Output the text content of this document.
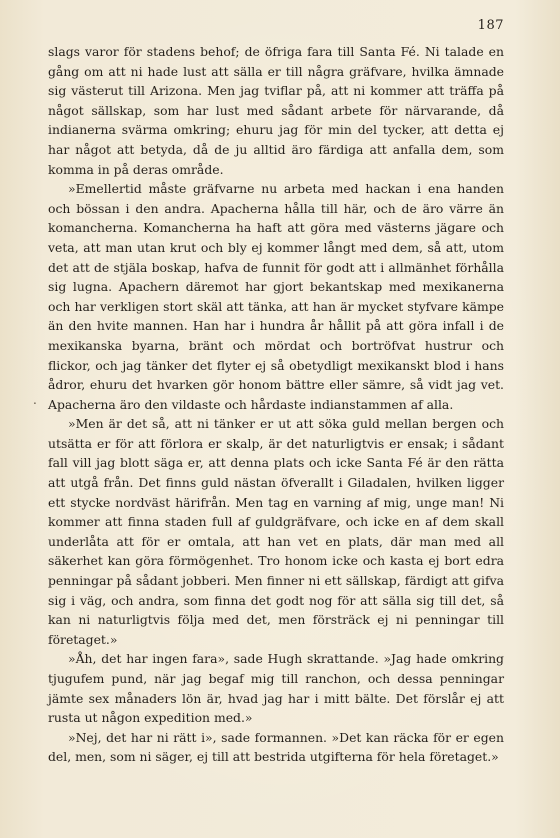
187
.

slags varor för stadens behof; de öfriga fara till Santa Fé. Ni talade en gång om att ni hade lust att sälla er till några gräfvare, hvilka ämnade sig västerut till Arizona. Men jag tviflar på, att ni kommer att träffa på något sällskap, som har lust med sådant arbete för närvarande, då indianerna svärma omkring; ehuru jag för min del tycker, att detta ej har något att betyda, då de ju alltid äro färdiga att anfalla dem, som komma in på deras område.

»Emellertid måste gräfvarne nu arbeta med hackan i ena handen och bössan i den andra. Apacherna hålla till här, och de äro värre än komancherna. Komancherna ha haft att göra med västerns jägare och veta, att man utan krut och bly ej kommer långt med dem, så att, utom det att de stjäla boskap, hafva de funnit för godt att i allmänhet förhålla sig lugna. Apachern däremot har gjort bekantskap med mexikanerna och har verkligen stort skäl att tänka, att han är mycket styfvare kämpe än den hvite mannen. Han har i hundra år hållit på att göra infall i de mexikanska byarna, bränt och mördat och bortröfvat hustrur och flickor, och jag tänker det flyter ej så obetydligt mexikanskt blod i hans ådror, ehuru det hvarken gör honom bättre eller sämre, så vidt jag vet. Apacherna äro den vildaste och hårdaste indianstammen af alla.

»Men är det så, att ni tänker er ut att söka guld mellan bergen och utsätta er för att förlora er skalp, är det naturligtvis er ensak; i sådant fall vill jag blott säga er, att denna plats och icke Santa Fé är den rätta att utgå från. Det finns guld nästan öfverallt i Giladalen, hvilken ligger ett stycke nordväst härifrån. Men tag en varning af mig, unge man! Ni kommer att finna staden full af guldgräfvare, och icke en af dem skall underlåta att för er omtala, att han vet en plats, där man med all säkerhet kan göra förmögenhet. Tro honom icke och kasta ej bort edra penningar på sådant jobberi. Men finner ni ett sällskap, färdigt att gifva sig i väg, och andra, som finna det godt nog för att sälla sig till det, så kan ni naturligtvis följa med det, men försträck ej ni penningar till företaget.»

»Åh, det har ingen fara», sade Hugh skrattande. »Jag hade omkring tjugufem pund, när jag begaf mig till ranchon, och dessa penningar jämte sex månaders lön är, hvad jag har i mitt bälte. Det förslår ej att rusta ut någon expedition med.»

»Nej, det har ni rätt i», sade formannen. »Det kan räcka för er egen del, men, som ni säger, ej till att bestrida utgifterna för hela företaget.»
